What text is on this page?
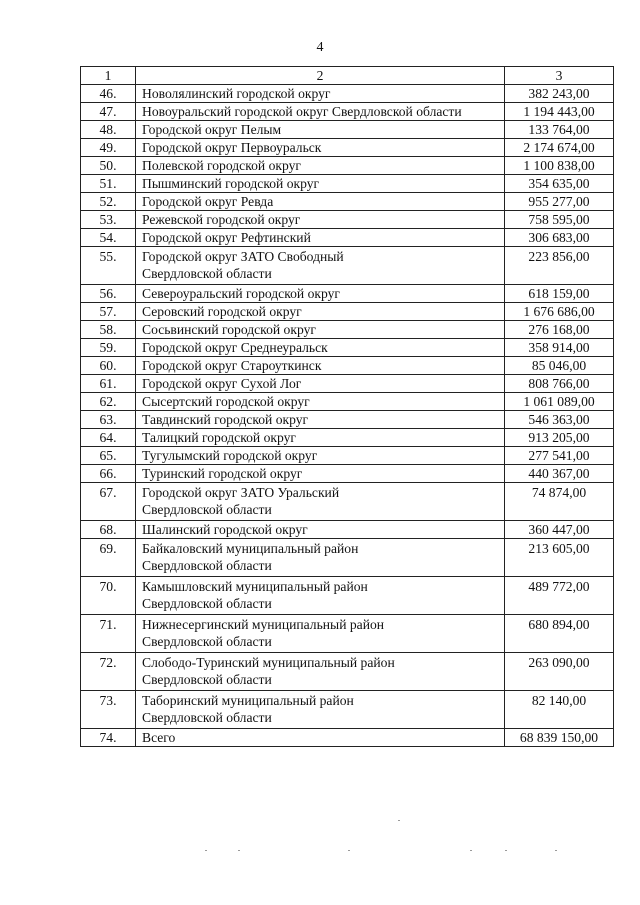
4
1	2	3
46.	Новолялинский городской округ	382 243,00
47.	Новоуральский городской округ Свердловской области	1 194 443,00
48.	Городской округ Пелым	133 764,00
49.	Городской округ Первоуральск	2 174 674,00
50.	Полевской городской округ	1 100 838,00
51.	Пышминский городской округ	354 635,00
52.	Городской округ Ревда	955 277,00
53.	Режевской городской округ	758 595,00
54.	Городской округ Рефтинский	306 683,00
55.	Городской округ ЗАТО Свободный
Свердловской области	223 856,00
56.	Североуральский городской округ	618 159,00
57.	Серовский городской округ	1 676 686,00
58.	Сосьвинский городской округ	276 168,00
59.	Городской округ Среднеуральск	358 914,00
60.	Городской округ Староуткинск	85 046,00
61.	Городской округ Сухой Лог	808 766,00
62.	Сысертский городской округ	1 061 089,00
63.	Тавдинский городской округ	546 363,00
64.	Талицкий городской округ	913 205,00
65.	Тугулымский городской округ	277 541,00
66.	Туринский городской округ	440 367,00
67.	Городской округ ЗАТО Уральский
Свердловской области	74 874,00
68.	Шалинский городской округ	360 447,00
69.	Байкаловский муниципальный район
Свердловской области	213 605,00
70.	Камышловский муниципальный район
Свердловской области	489 772,00
71.	Нижнесергинский муниципальный район
Свердловской области	680 894,00
72.	Слободо-Туринский муниципальный район
Свердловской области	263 090,00
73.	Таборинский муниципальный район
Свердловской области	82 140,00
74.	Всего	68 839 150,00
